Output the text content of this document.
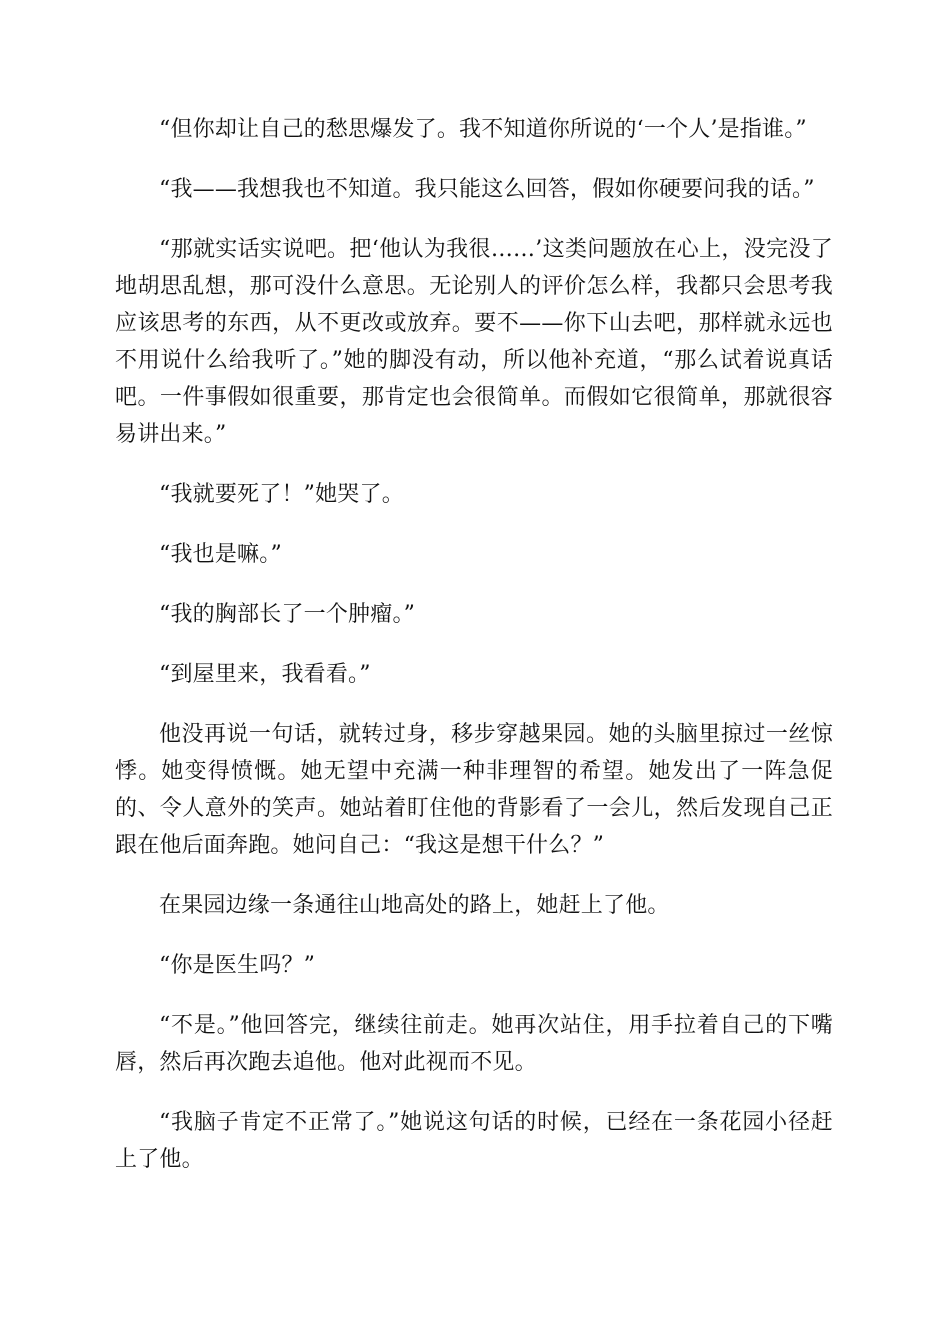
“但你却让自己的愁思爆发了。我不知道你所说的‘一个人’是指谁。”

“我——我想我也不知道。我只能这么回答，假如你硬要问我的话。”

“那就实话实说吧。把‘他认为我很……’这类问题放在心上，没完没了地胡思乱想，那可没什么意思。无论别人的评价怎么样，我都只会思考我应该思考的东西，从不更改或放弃。要不——你下山去吧，那样就永远也不用说什么给我听了。”她的脚没有动，所以他补充道，“那么试着说真话吧。一件事假如很重要，那肯定也会很简单。而假如它很简单，那就很容易讲出来。”

“我就要死了！”她哭了。

“我也是嘛。”

“我的胸部长了一个肿瘤。”

“到屋里来，我看看。”

他没再说一句话，就转过身，移步穿越果园。她的头脑里掠过一丝惊悸。她变得愤慨。她无望中充满一种非理智的希望。她发出了一阵急促的、令人意外的笑声。她站着盯住他的背影看了一会儿，然后发现自己正跟在他后面奔跑。她问自己：“我这是想干什么？”

在果园边缘一条通往山地高处的路上，她赶上了他。

“你是医生吗？”

“不是。”他回答完，继续往前走。她再次站住，用手拉着自己的下嘴唇，然后再次跑去追他。他对此视而不见。

“我脑子肯定不正常了。”她说这句话的时候，已经在一条花园小径赶上了他。
